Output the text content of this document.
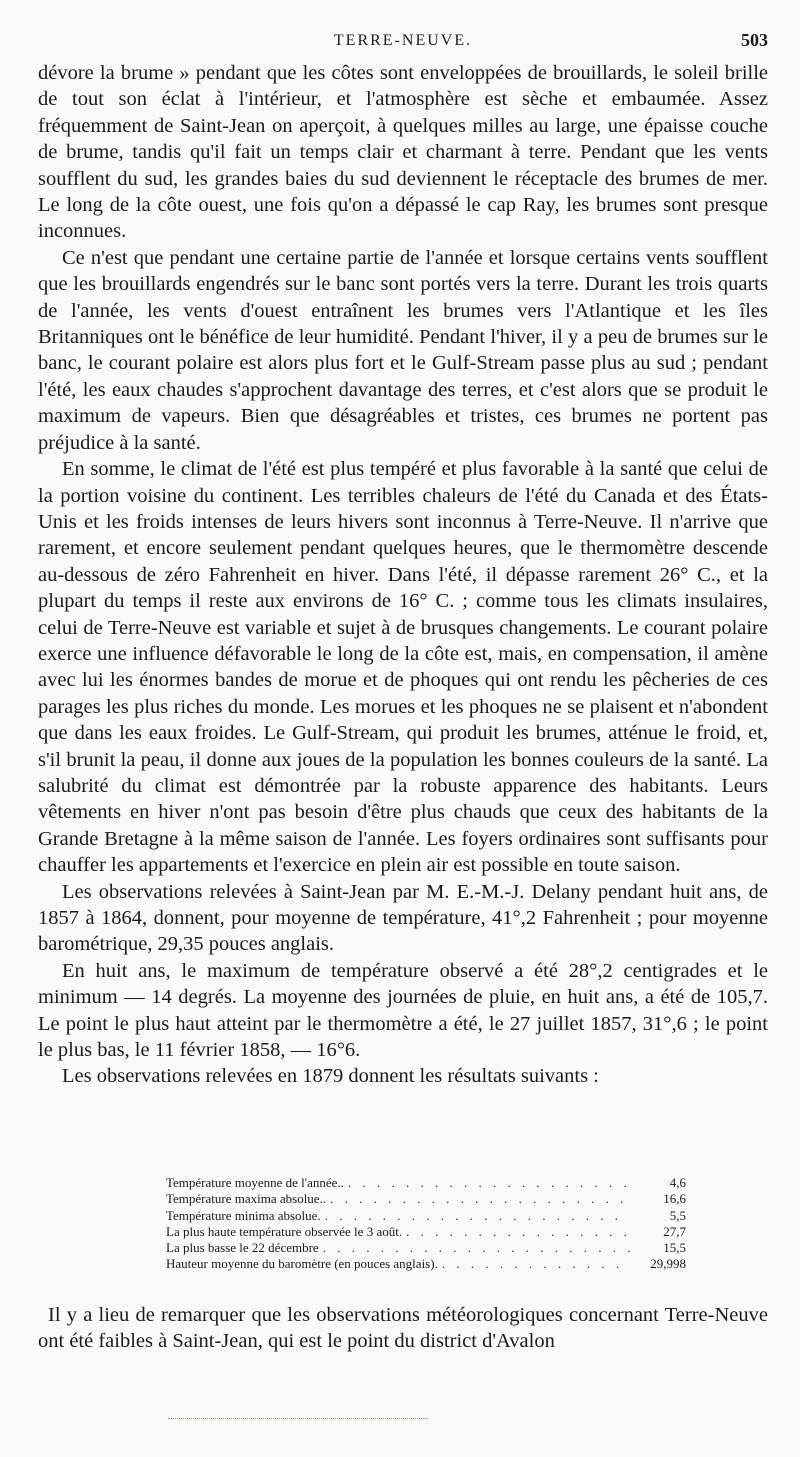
TERRE-NEUVE.	503

dévore la brume » pendant que les côtes sont enveloppées de brouillards, le soleil brille de tout son éclat à l'intérieur, et l'atmosphère est sèche et embaumée. Assez fréquemment de Saint-Jean on aperçoit, à quelques milles au large, une épaisse couche de brume, tandis qu'il fait un temps clair et charmant à terre. Pendant que les vents soufflent du sud, les grandes baies du sud deviennent le réceptacle des brumes de mer. Le long de la côte ouest, une fois qu'on a dépassé le cap Ray, les brumes sont presque inconnues.

Ce n'est que pendant une certaine partie de l'année et lorsque certains vents soufflent que les brouillards engendrés sur le banc sont portés vers la terre. Durant les trois quarts de l'année, les vents d'ouest entraînent les brumes vers l'Atlantique et les îles Britanniques ont le bénéfice de leur humidité. Pendant l'hiver, il y a peu de brumes sur le banc, le courant polaire est alors plus fort et le Gulf-Stream passe plus au sud ; pendant l'été, les eaux chaudes s'approchent davantage des terres, et c'est alors que se produit le maximum de vapeurs. Bien que désagréables et tristes, ces brumes ne portent pas préjudice à la santé.

En somme, le climat de l'été est plus tempéré et plus favorable à la santé que celui de la portion voisine du continent. Les terribles chaleurs de l'été du Canada et des États-Unis et les froids intenses de leurs hivers sont inconnus à Terre-Neuve. Il n'arrive que rarement, et encore seulement pendant quelques heures, que le thermomètre descende au-dessous de zéro Fahrenheit en hiver. Dans l'été, il dépasse rarement 26° C., et la plupart du temps il reste aux environs de 16° C. ; comme tous les climats insulaires, celui de Terre-Neuve est variable et sujet à de brusques changements. Le courant polaire exerce une influence défavorable le long de la côte est, mais, en compensation, il amène avec lui les énormes bandes de morue et de phoques qui ont rendu les pêcheries de ces parages les plus riches du monde. Les morues et les phoques ne se plaisent et n'abondent que dans les eaux froides. Le Gulf-Stream, qui produit les brumes, atténue le froid, et, s'il brunit la peau, il donne aux joues de la population les bonnes couleurs de la santé. La salubrité du climat est démontrée par la robuste apparence des habitants. Leurs vêtements en hiver n'ont pas besoin d'être plus chauds que ceux des habitants de la Grande Bretagne à la même saison de l'année. Les foyers ordinaires sont suffisants pour chauffer les appartements et l'exercice en plein air est possible en toute saison.

Les observations relevées à Saint-Jean par M. E.-M.-J. Delany pendant huit ans, de 1857 à 1864, donnent, pour moyenne de température, 41°,2 Fahrenheit ; pour moyenne barométrique, 29,35 pouces anglais.

En huit ans, le maximum de température observé a été 28°,2 centigrades et le minimum — 14 degrés. La moyenne des journées de pluie, en huit ans, a été de 105,7. Le point le plus haut atteint par le thermomètre a été, le 27 juillet 1857, 31°,6 ; le point le plus bas, le 11 février 1858, — 16°6.

Les observations relevées en 1879 donnent les résultats suivants :

Température moyenne de l'année.. . . .	4,6
Température maxima absolue.. . . .	16,6
Température minima absolue. . . .	5,5
La plus haute température observée le 3 août. . . .	27,7
La plus basse le 22 décembre . . .	15,5
Hauteur moyenne du baromètre (en pouces anglais). . . .	29,998

Il y a lieu de remarquer que les observations météorologiques concernant Terre-Neuve ont été faibles à Saint-Jean, qui est le point du district d'Avalon
